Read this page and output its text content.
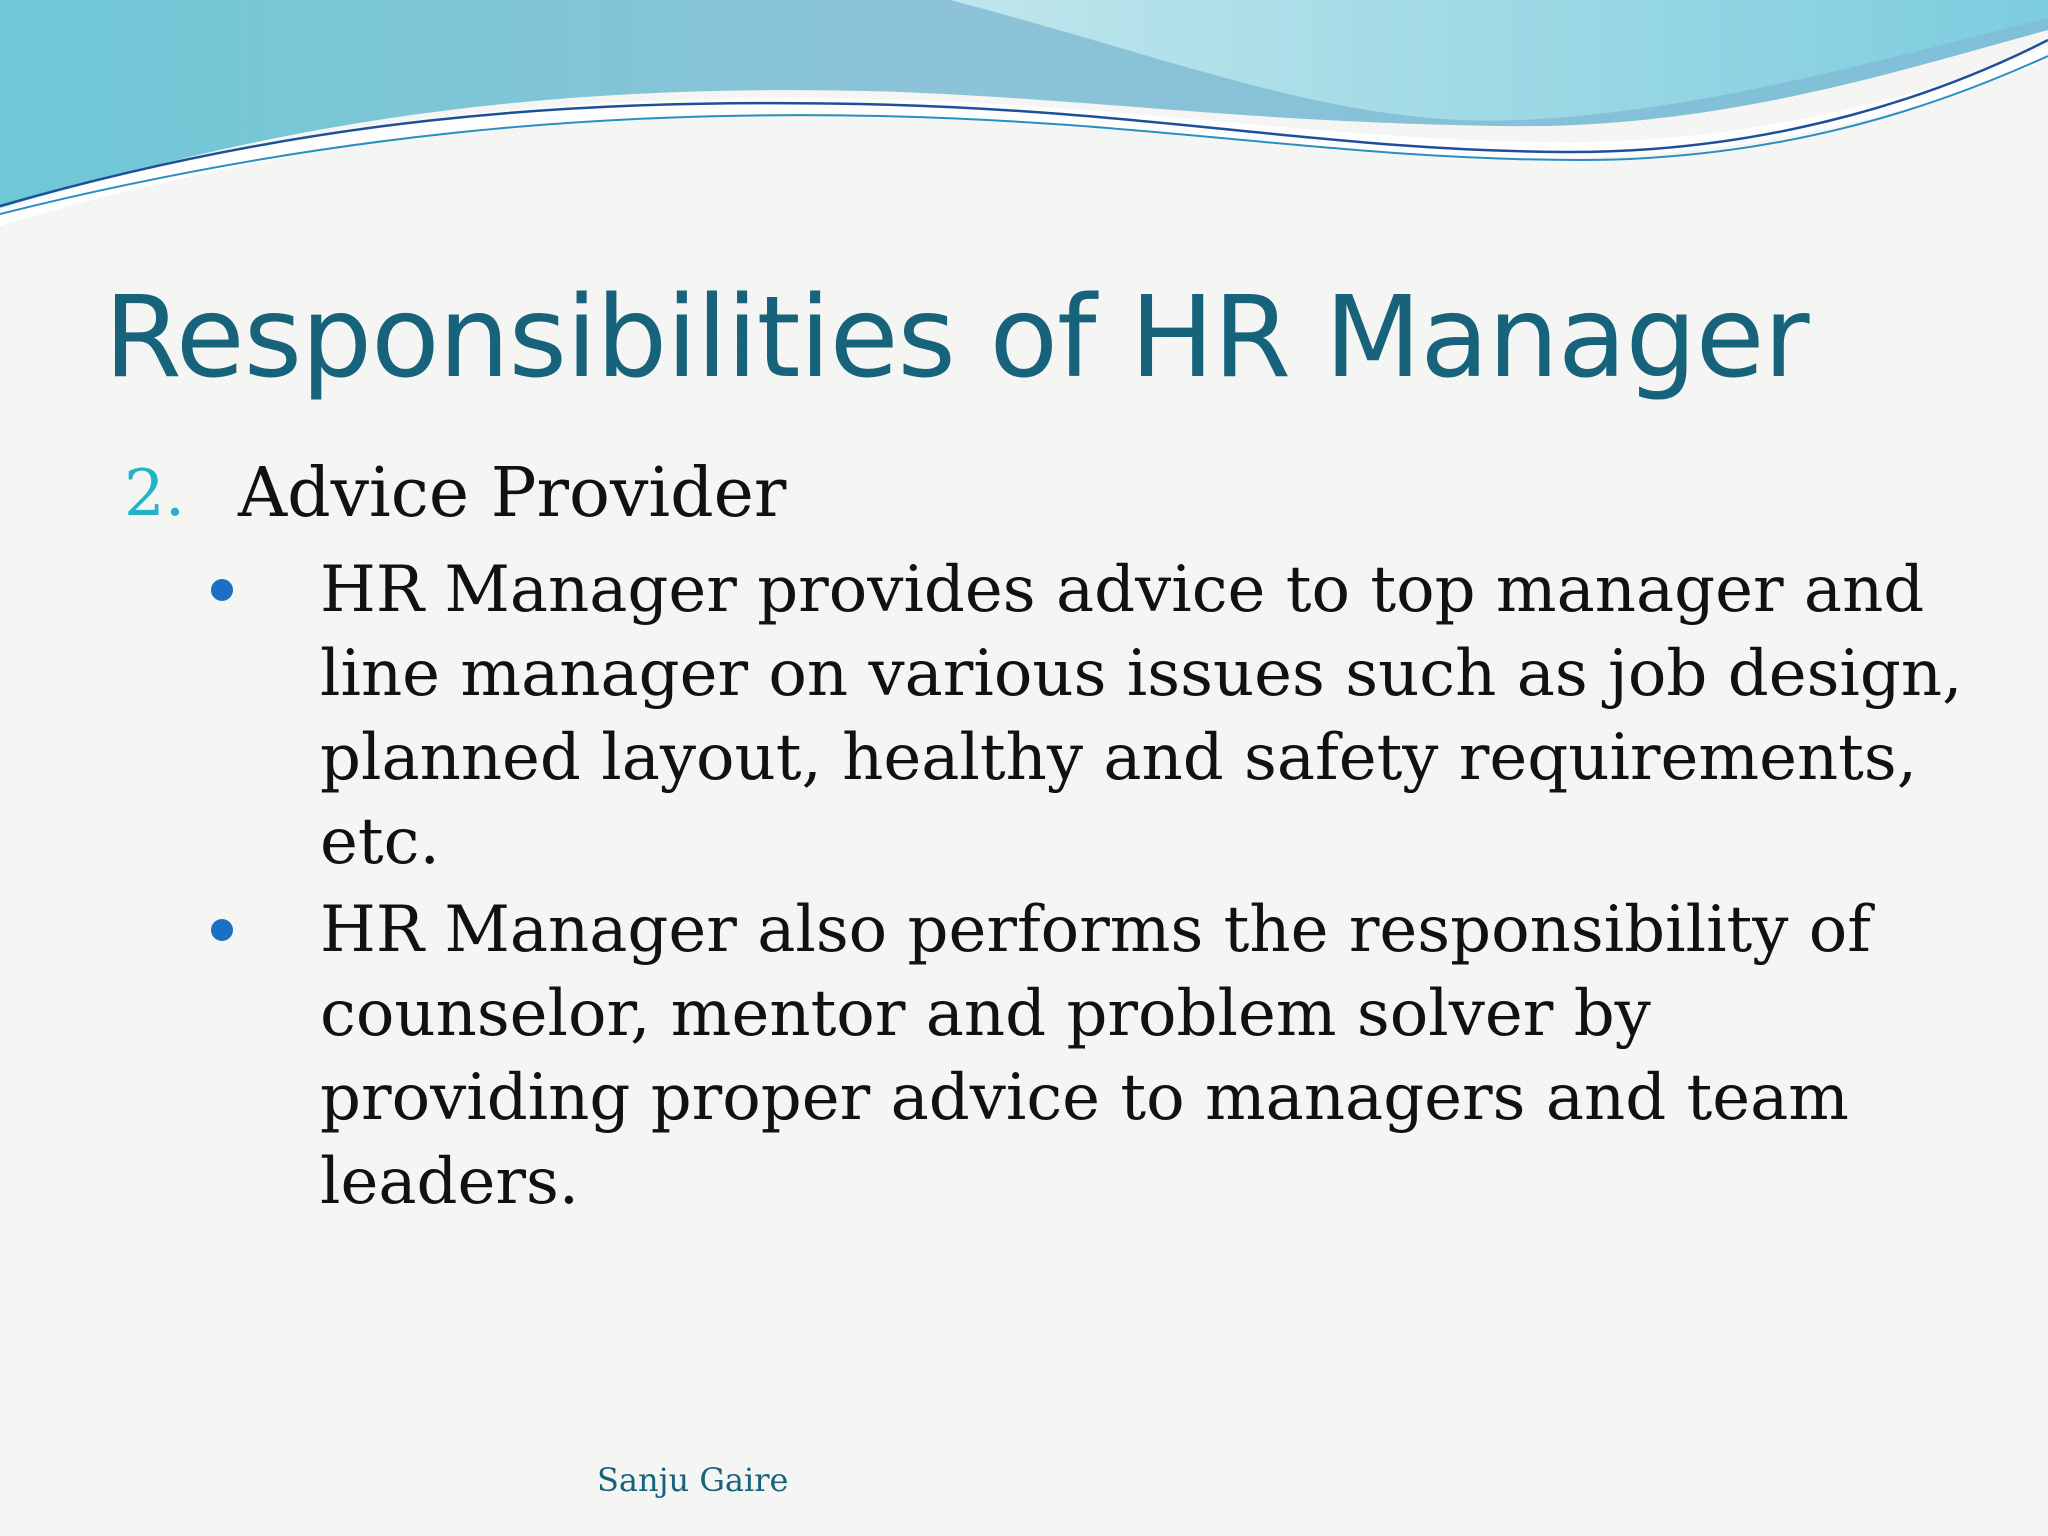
Responsibilities of HR Manager
2. Advice Provider
HR Manager provides advice to top manager and line manager on various issues such as job design, planned layout, healthy and safety requirements, etc.
HR Manager also performs the responsibility of counselor, mentor and problem solver by providing proper advice to managers and team leaders.
Sanju Gaire
